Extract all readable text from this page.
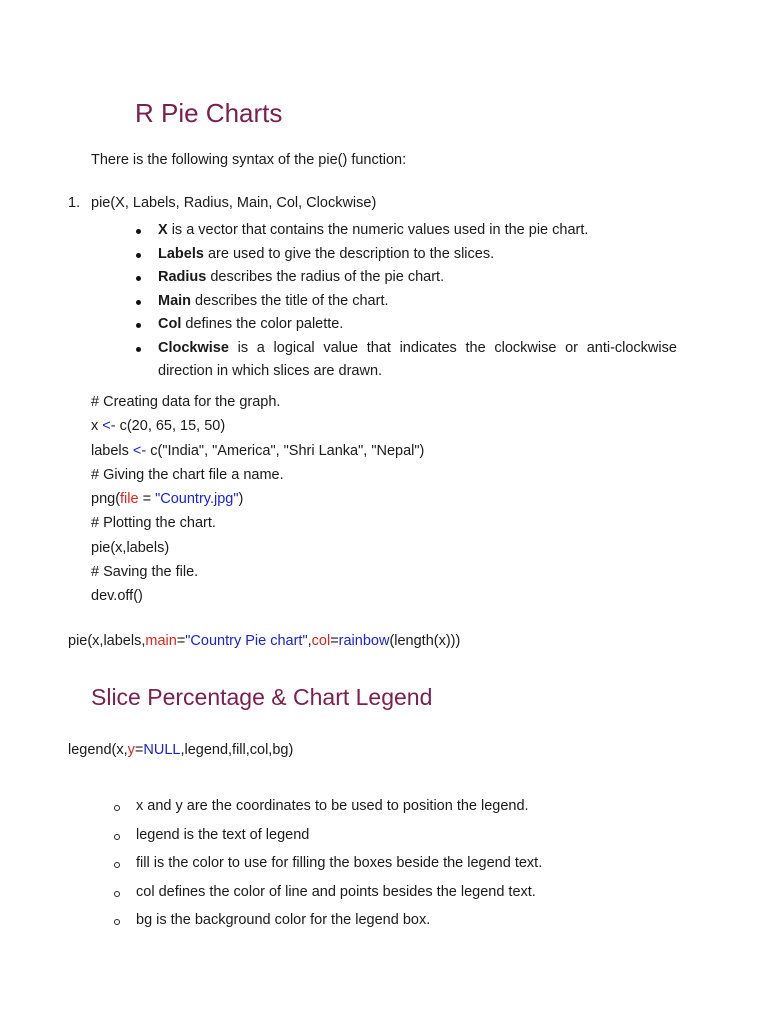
R Pie Charts
There is the following syntax of the pie() function:
1. pie(X, Labels, Radius, Main, Col, Clockwise)
X is a vector that contains the numeric values used in the pie chart.
Labels are used to give the description to the slices.
Radius describes the radius of the pie chart.
Main describes the title of the chart.
Col defines the color palette.
Clockwise is a logical value that indicates the clockwise or anti-clockwise
direction in which slices are drawn.
# Creating data for the graph.
x <- c(20, 65, 15, 50)
labels <- c("India", "America", "Shri Lanka", "Nepal")
# Giving the chart file a name.
png(file = "Country.jpg")
# Plotting the chart.
pie(x,labels)
# Saving the file.
dev.off()
pie(x,labels,main="Country Pie chart",col=rainbow(length(x)))
Slice Percentage & Chart Legend
legend(x,y=NULL,legend,fill,col,bg)
x and y are the coordinates to be used to position the legend.
legend is the text of legend
fill is the color to use for filling the boxes beside the legend text.
col defines the color of line and points besides the legend text.
bg is the background color for the legend box.
